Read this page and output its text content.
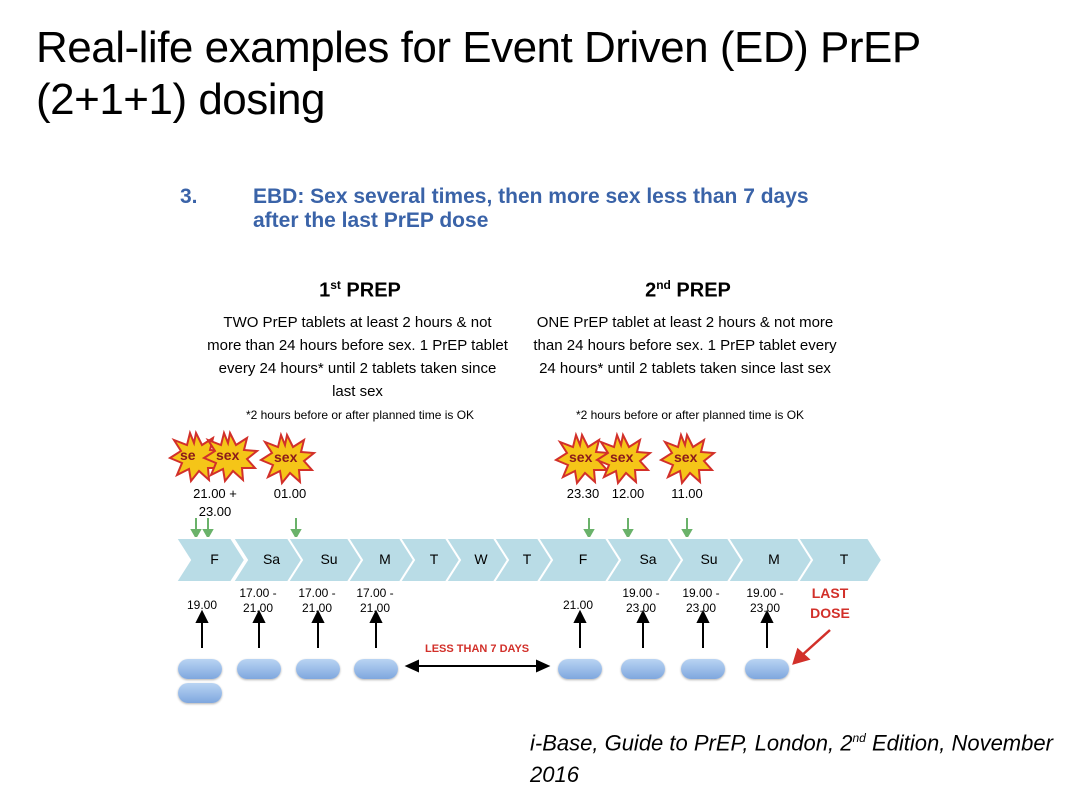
Real-life examples for Event Driven (ED) PrEP (2+1+1) dosing
3.	EBD: Sex several times, then more sex less than 7 days after the last PrEP dose
1st PREP	2nd PREP
TWO PrEP tablets at least 2 hours & not more than 24 hours before sex. 1 PrEP tablet every 24 hours* until 2 tablets taken since last sex
ONE PrEP tablet at least 2 hours & not more than 24 hours before sex. 1 PrEP tablet every 24 hours* until 2 tablets taken since last sex
*2 hours before or after planned time is OK	*2 hours before or after planned time is OK
se sex sex	sex sex	sex
21.00 + 23.00
01.00	23.30 12.00	11.00
F	Sa	Su	M	T	W	T	F	Sa	Su	M	T
19.00
17.00 - 21.00
17.00 - 21.00
17.00 - 21.00	21.00
19.00 - 23.00
19.00 - 23.00
19.00 - 23.00
LAST DOSE
LESS THAN 7 DAYS
i-Base, Guide to PrEP, London, 2nd Edition, November 2016
